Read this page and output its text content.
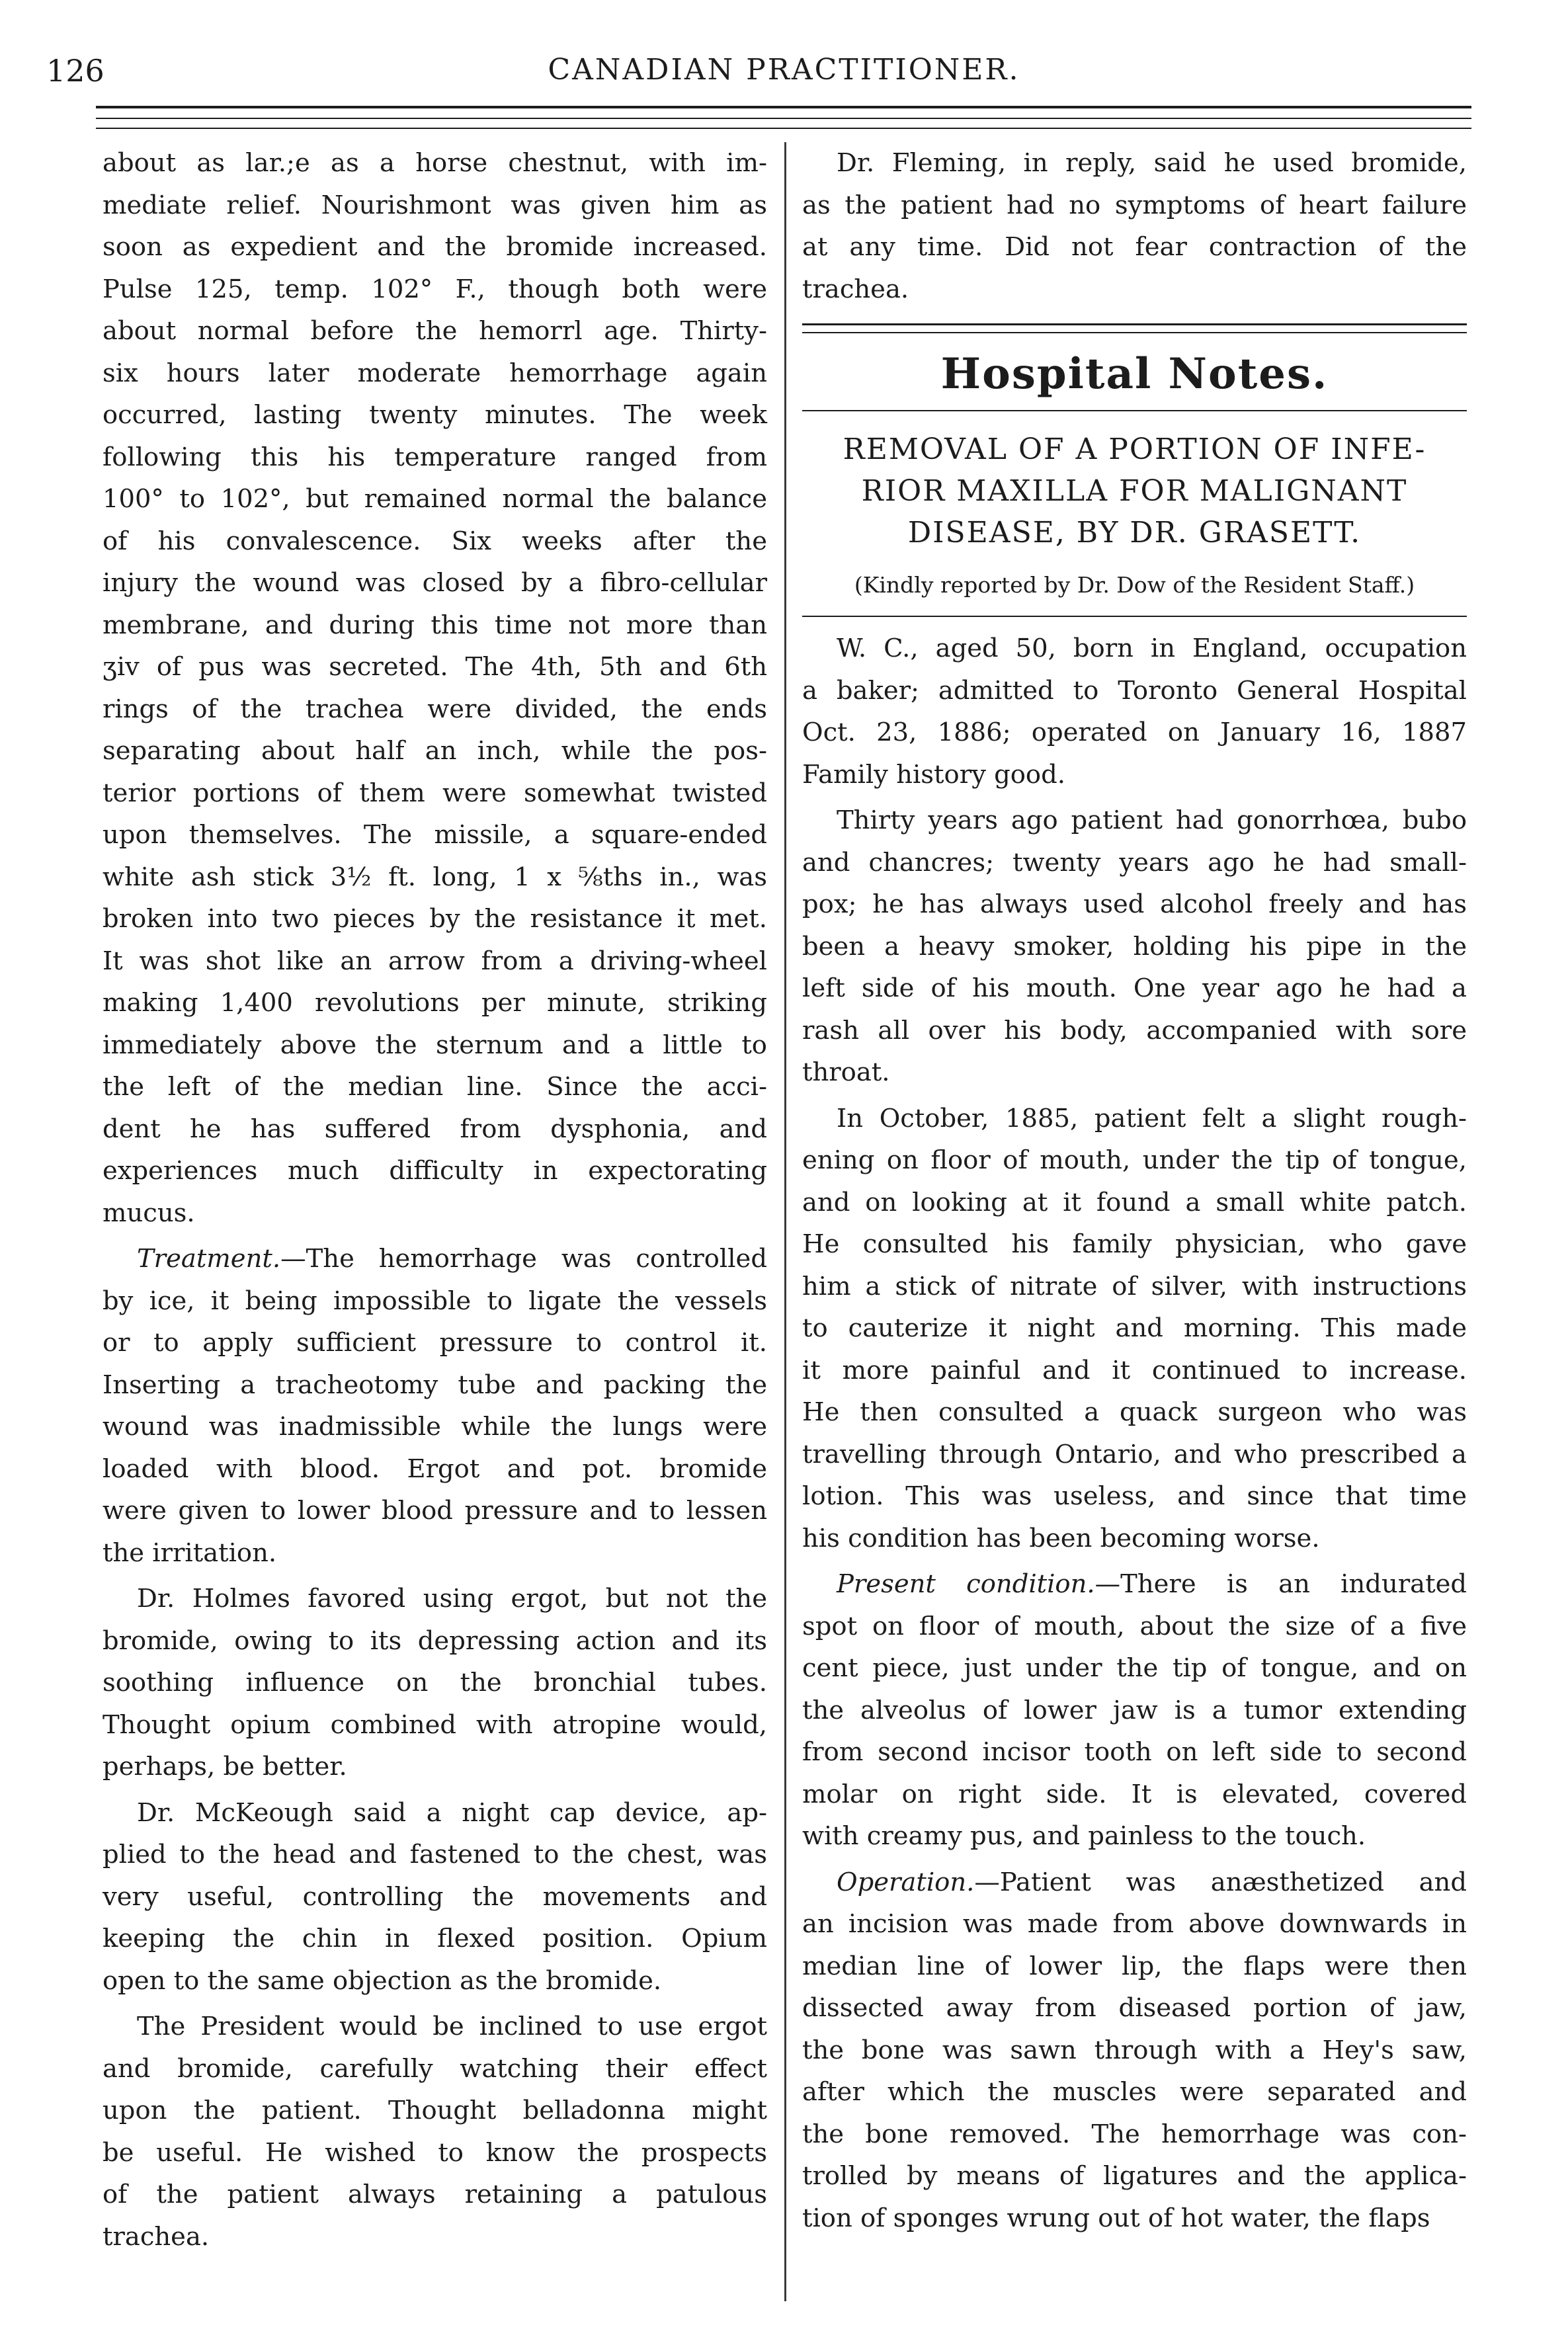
126	CANADIAN PRACTITIONER.

about as lar.;e as a horse chestnut, with im-
mediate relief. Nourishmont was given him as
soon as expedient and the bromide increased.
Pulse 125, temp. 102° F., though both were
about normal before the hemorrl age. Thirty-
six hours later moderate hemorrhage again
occurred, lasting twenty minutes. The week
following this his temperature ranged from
100° to 102°, but remained normal the balance
of his convalescence. Six weeks after the
injury the wound was closed by a fibro-cellular
membrane, and during this time not more than
ʒiv of pus was secreted. The 4th, 5th and 6th
rings of the trachea were divided, the ends
separating about half an inch, while the pos-
terior portions of them were somewhat twisted
upon themselves. The missile, a square-ended
white ash stick 3½ ft. long, 1 x ⅝ths in., was
broken into two pieces by the resistance it met.
It was shot like an arrow from a driving-wheel
making 1,400 revolutions per minute, striking
immediately above the sternum and a little to
the left of the median line. Since the acci-
dent he has suffered from dysphonia, and
experiences much difficulty in expectorating
mucus.

Treatment.—The hemorrhage was controlled
by ice, it being impossible to ligate the vessels
or to apply sufficient pressure to control it.
Inserting a tracheotomy tube and packing the
wound was inadmissible while the lungs were
loaded with blood. Ergot and pot. bromide
were given to lower blood pressure and to lessen
the irritation.

Dr. Holmes favored using ergot, but not the
bromide, owing to its depressing action and its
soothing influence on the bronchial tubes.
Thought opium combined with atropine would,
perhaps, be better.

Dr. McKeough said a night cap device, ap-
plied to the head and fastened to the chest, was
very useful, controlling the movements and
keeping the chin in flexed position. Opium
open to the same objection as the bromide.

The President would be inclined to use ergot
and bromide, carefully watching their effect
upon the patient. Thought belladonna might
be useful. He wished to know the prospects
of the patient always retaining a patulous
trachea.

Dr. Fleming, in reply, said he used bromide,
as the patient had no symptoms of heart failure
at any time. Did not fear contraction of the
trachea.

Hospital Notes.
REMOVAL OF A PORTION OF INFE-
RIOR MAXILLA FOR MALIGNANT
DISEASE, BY DR. GRASETT.
(Kindly reported by Dr. Dow of the Resident Staff.)

W. C., aged 50, born in England, occupation
a baker; admitted to Toronto General Hospital
Oct. 23, 1886; operated on January 16, 1887
Family history good.

Thirty years ago patient had gonorrhœa, bubo
and chancres; twenty years ago he had small-
pox; he has always used alcohol freely and has
been a heavy smoker, holding his pipe in the
left side of his mouth. One year ago he had a
rash all over his body, accompanied with sore
throat.

In October, 1885, patient felt a slight rough-
ening on floor of mouth, under the tip of tongue,
and on looking at it found a small white patch.
He consulted his family physician, who gave
him a stick of nitrate of silver, with instructions
to cauterize it night and morning. This made
it more painful and it continued to increase.
He then consulted a quack surgeon who was
travelling through Ontario, and who prescribed a
lotion. This was useless, and since that time
his condition has been becoming worse.

Present condition.—There is an indurated
spot on floor of mouth, about the size of a five
cent piece, just under the tip of tongue, and on
the alveolus of lower jaw is a tumor extending
from second incisor tooth on left side to second
molar on right side. It is elevated, covered
with creamy pus, and painless to the touch.

Operation.—Patient was anæsthetized and
an incision was made from above downwards in
median line of lower lip, the flaps were then
dissected away from diseased portion of jaw,
the bone was sawn through with a Hey's saw,
after which the muscles were separated and
the bone removed. The hemorrhage was con-
trolled by means of ligatures and the applica-
tion of sponges wrung out of hot water, the flaps
